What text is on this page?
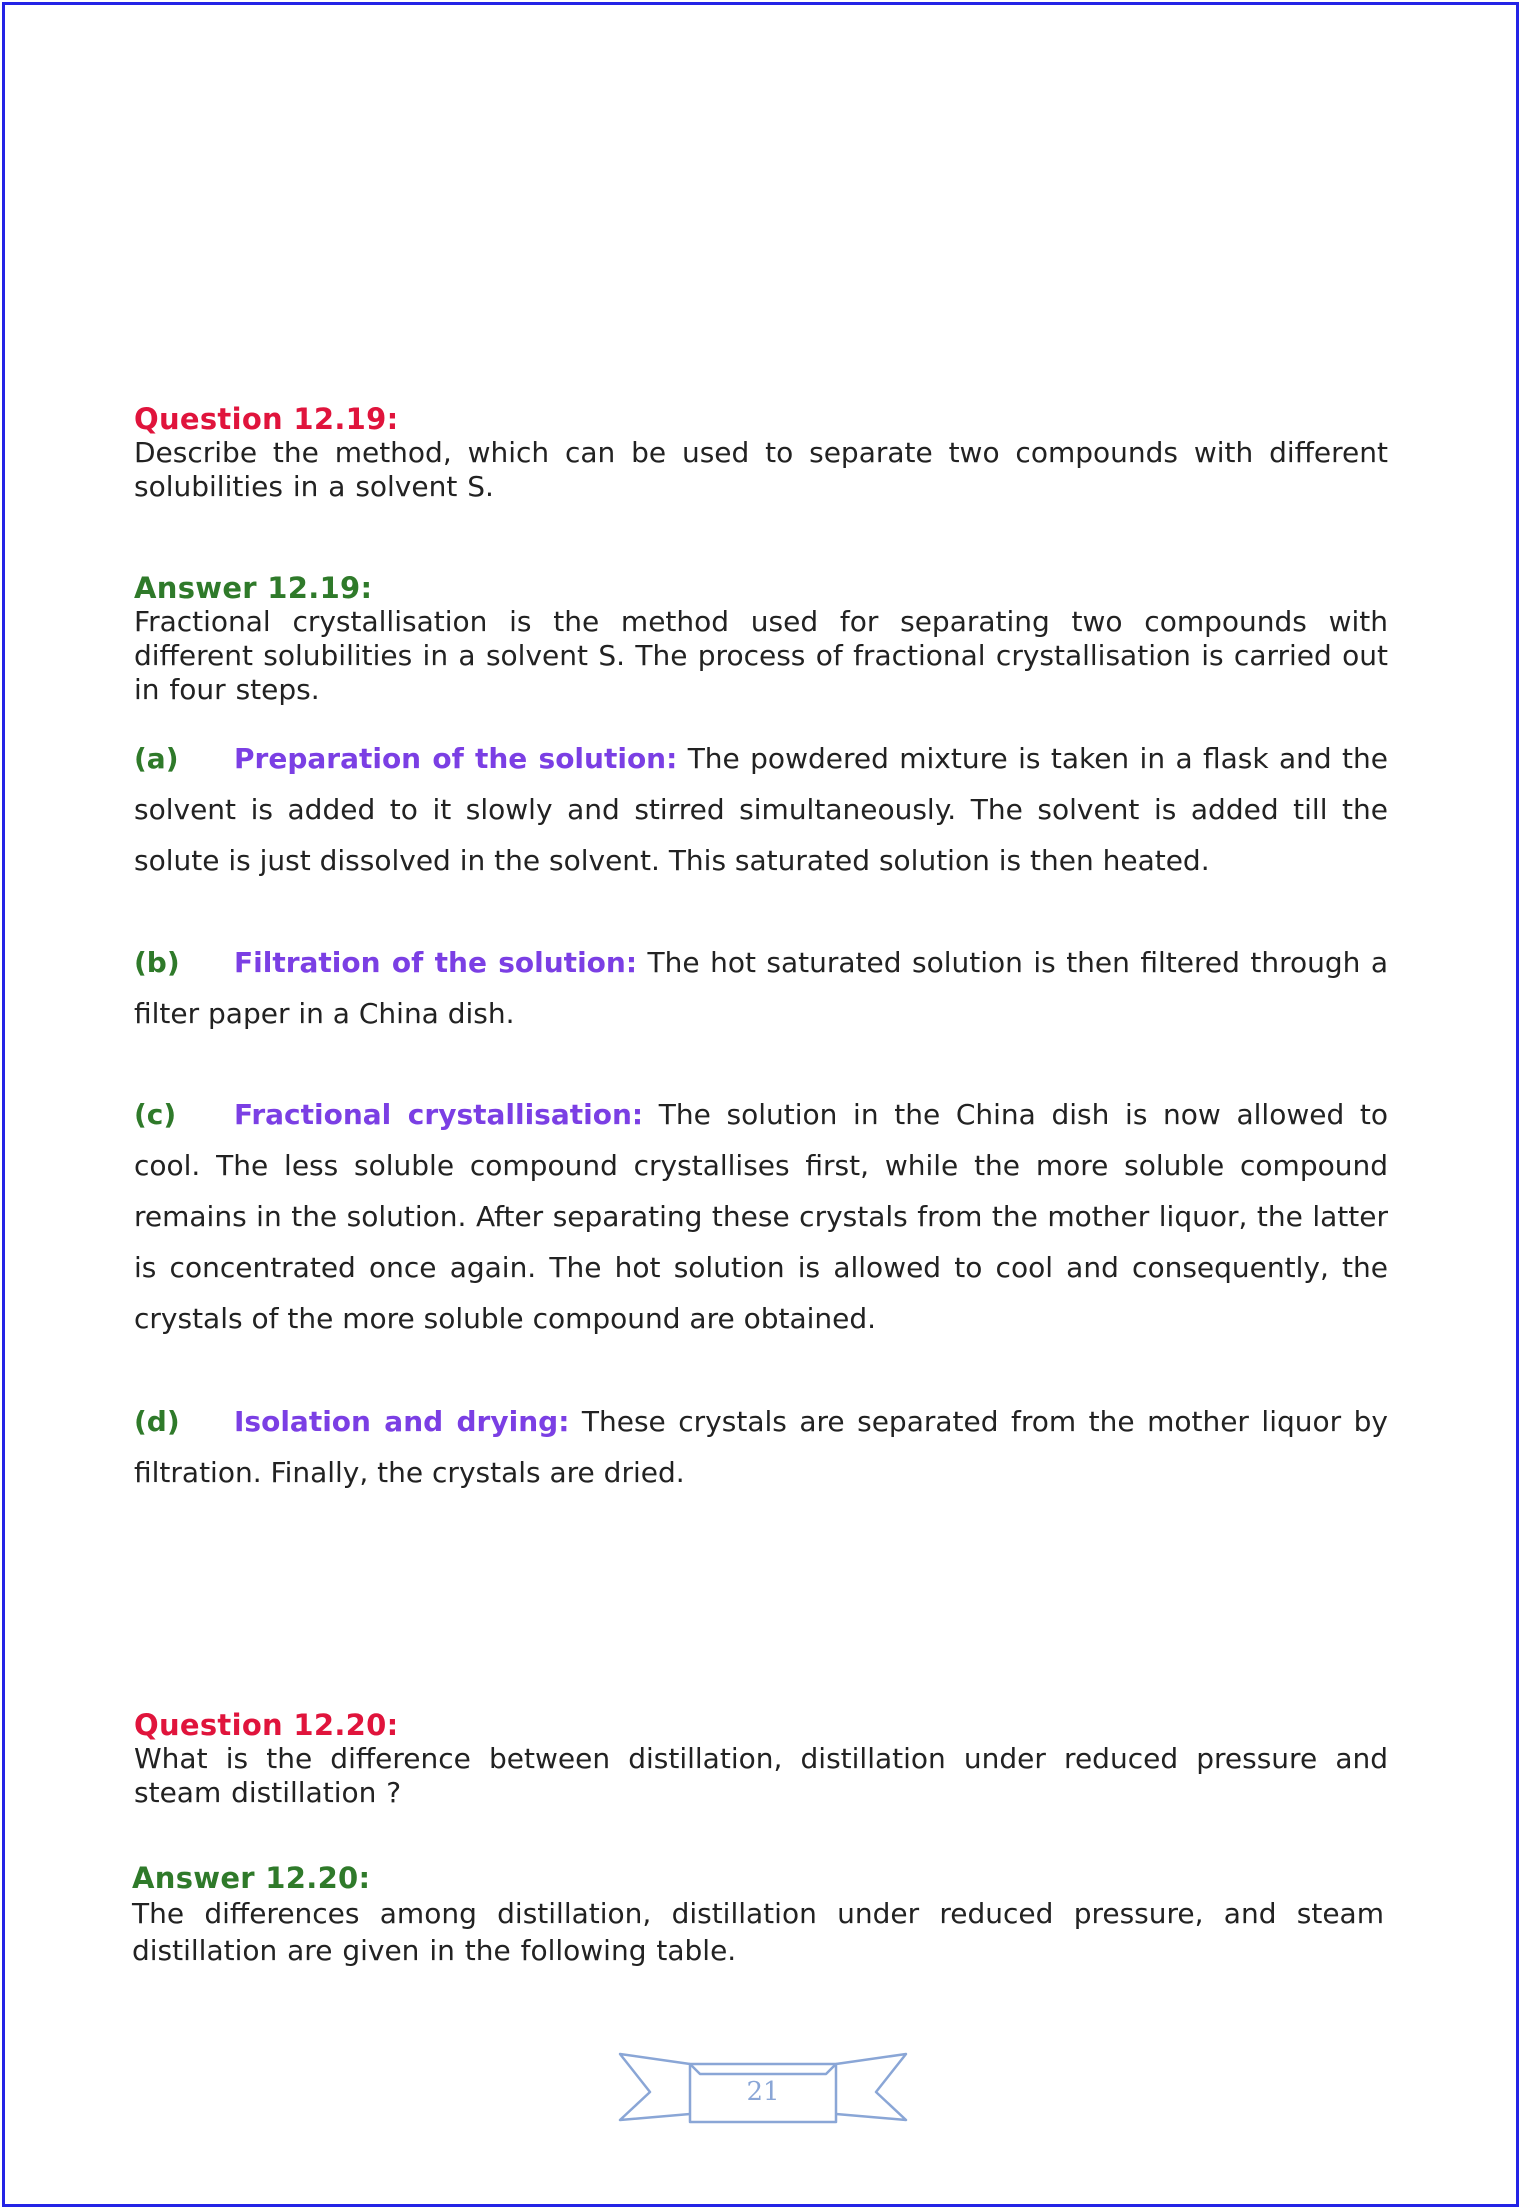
Question 12.19:

Describe the method, which can be used to separate two compounds with different solubilities in a solvent S.

Answer 12.19:

Fractional crystallisation is the method used for separating two compounds with different solubilities in a solvent S. The process of fractional crystallisation is carried out in four steps.

(a) Preparation of the solution: The powdered mixture is taken in a flask and the solvent is added to it slowly and stirred simultaneously. The solvent is added till the solute is just dissolved in the solvent. This saturated solution is then heated.

(b) Filtration of the solution: The hot saturated solution is then filtered through a filter paper in a China dish.

(c) Fractional crystallisation: The solution in the China dish is now allowed to cool. The less soluble compound crystallises first, while the more soluble compound remains in the solution. After separating these crystals from the mother liquor, the latter is concentrated once again. The hot solution is allowed to cool and consequently, the crystals of the more soluble compound are obtained.

(d) Isolation and drying: These crystals are separated from the mother liquor by filtration. Finally, the crystals are dried.

Question 12.20:

What is the difference between distillation, distillation under reduced pressure and steam distillation ?

Answer 12.20:

The differences among distillation, distillation under reduced pressure, and steam distillation are given in the following table.

21
